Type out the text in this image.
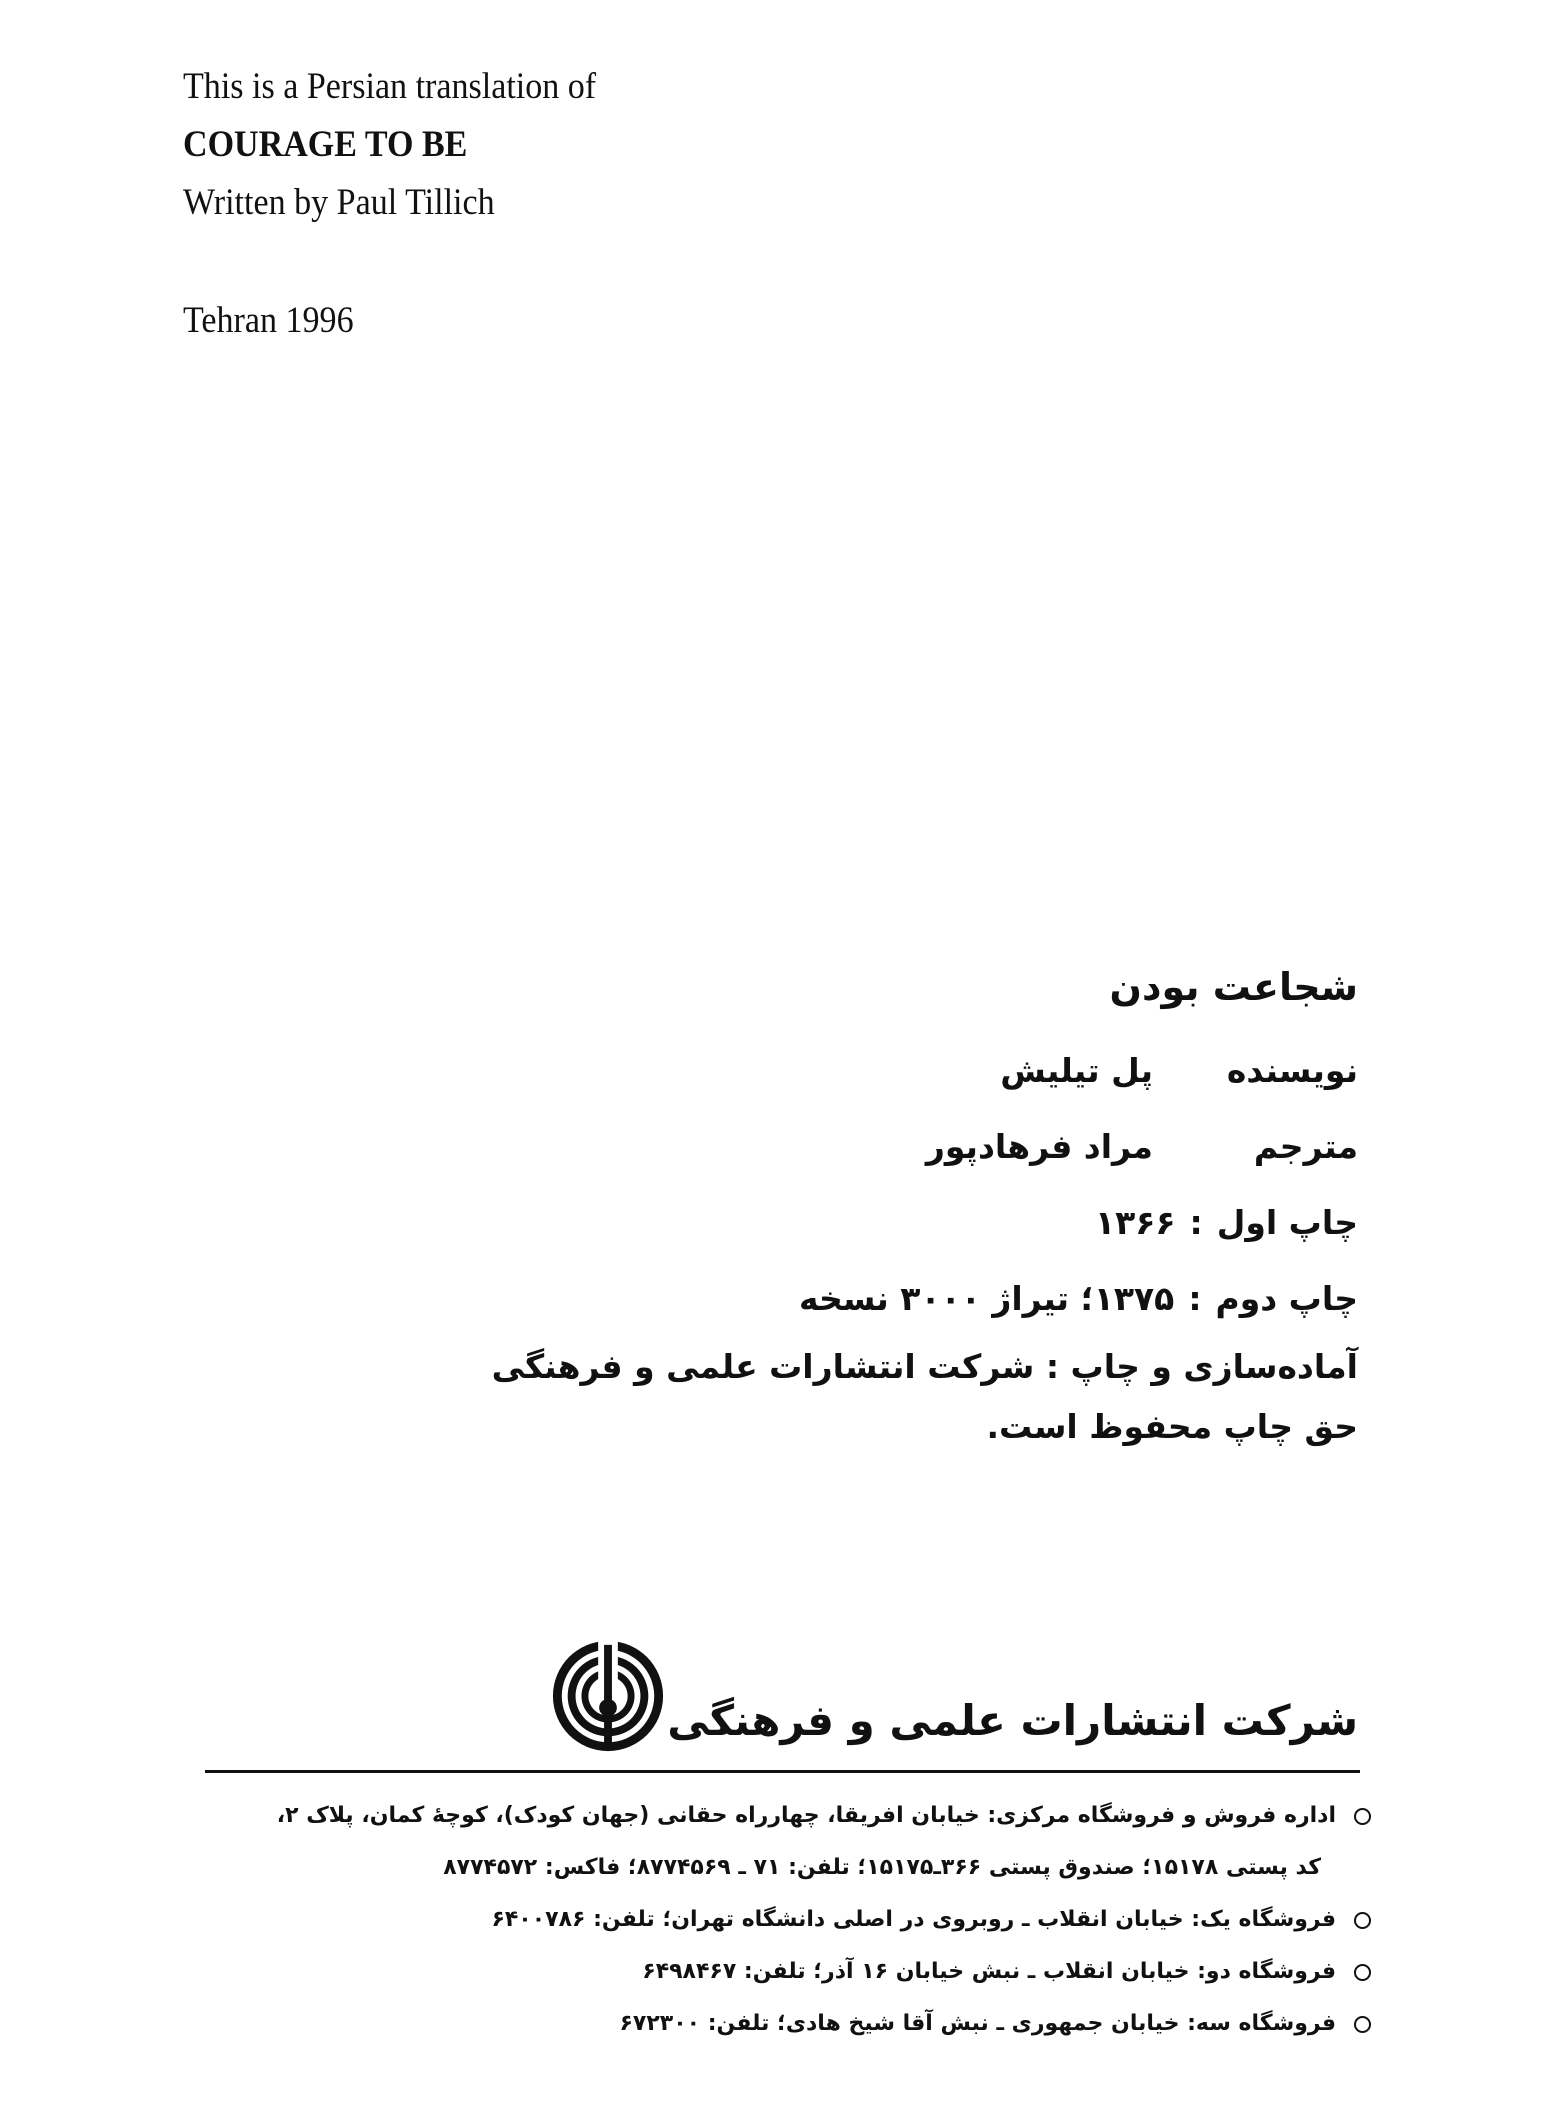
This is a Persian translation of
COURAGE TO BE
Written by Paul Tillich
Tehran 1996
شجاعت بودن
نویسنده
پل تیلیش
مترجم
مراد فرهادپور
چاپ اول
:
۱۳۶۶
چاپ دوم
:
۱۳۷۵؛ تیراژ ۳۰۰۰ نسخه
آماده‌سازی و چاپ : شرکت انتشارات علمی و فرهنگی
حق چاپ محفوظ است.
شرکت انتشارات علمی و فرهنگی
اداره فروش و فروشگاه مرکزی: خیابان افریقا، چهارراه حقانی (جهان کودک)، کوچهٔ کمان، پلاک ۲،
کد پستی ۱۵۱۷۸؛ صندوق پستی ۳۶۶ـ۱۵۱۷۵؛ تلفن: ۷۱ ـ ۸۷۷۴۵۶۹؛ فاکس: ۸۷۷۴۵۷۲
فروشگاه یک: خیابان انقلاب ـ روبروی در اصلی دانشگاه تهران؛ تلفن: ۶۴۰۰۷۸۶
فروشگاه دو: خیابان انقلاب ـ نبش خیابان ۱۶ آذر؛ تلفن: ۶۴۹۸۴۶۷
فروشگاه سه: خیابان جمهوری ـ نبش آقا شیخ هادی؛ تلفن: ۶۷۲۳۰۰
